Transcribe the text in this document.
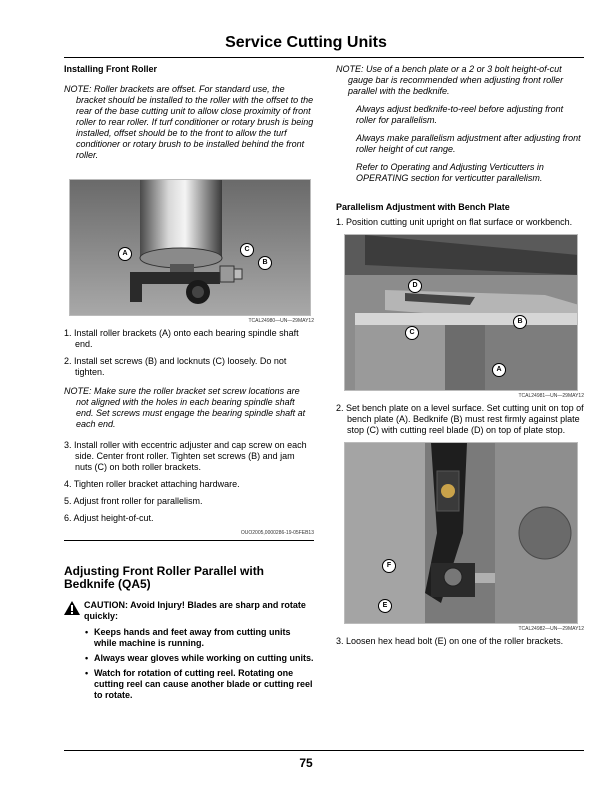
Service Cutting Units
Installing Front Roller
NOTE: Roller brackets are offset. For standard use, the bracket should be installed to the roller with the offset to the rear of the base cutting unit to allow close proximity of front roller to rear roller. If turf conditioner or rotary brush is being installed, offset should be to the front to allow the turf conditioner or rotary brush to be installed behind the front roller.
A
C
B
TCAL24980—UN—29MAY12
1. Install roller brackets (A) onto each bearing spindle shaft end.
2. Install set screws (B) and locknuts (C) loosely. Do not tighten.
NOTE: Make sure the roller bracket set screw locations are not aligned with the holes in each bearing spindle shaft end. Set screws must engage the bearing spindle shaft at each end.
3. Install roller with eccentric adjuster and cap screw on each side. Center front roller. Tighten set screws (B) and jam nuts (C) on both roller brackets.
4. Tighten roller bracket attaching hardware.
5. Adjust front roller for parallelism.
6. Adjust height-of-cut.
OUO2005,0000286-19-05FEB13
Adjusting Front Roller Parallel with Bedknife (QA5)
CAUTION: Avoid Injury! Blades are sharp and rotate quickly:
• Keeps hands and feet away from cutting units while machine is running.
• Always wear gloves while working on cutting units.
• Watch for rotation of cutting reel. Rotating one cutting reel can cause another blade or cutting reel to rotate.
NOTE: Use of a bench plate or a 2 or 3 bolt height-of-cut gauge bar is recommended when adjusting front roller parallel with the bedknife.
Always adjust bedknife-to-reel before adjusting front roller for parallelism.
Always make parallelism adjustment after adjusting front roller height of cut range.
Refer to Operating and Adjusting Verticutters in OPERATING section for verticutter parallelism.
Parallelism Adjustment with Bench Plate
1. Position cutting unit upright on flat surface or workbench.
D
B
C
A
TCAL24981—UN—29MAY12
2. Set bench plate on a level surface. Set cutting unit on top of bench plate (A). Bedknife (B) must rest firmly against plate stop (C) with cutting reel blade (D) on top of plate stop.
F
E
TCAL24982—UN—29MAY12
3. Loosen hex head bolt (E) on one of the roller brackets.
75
